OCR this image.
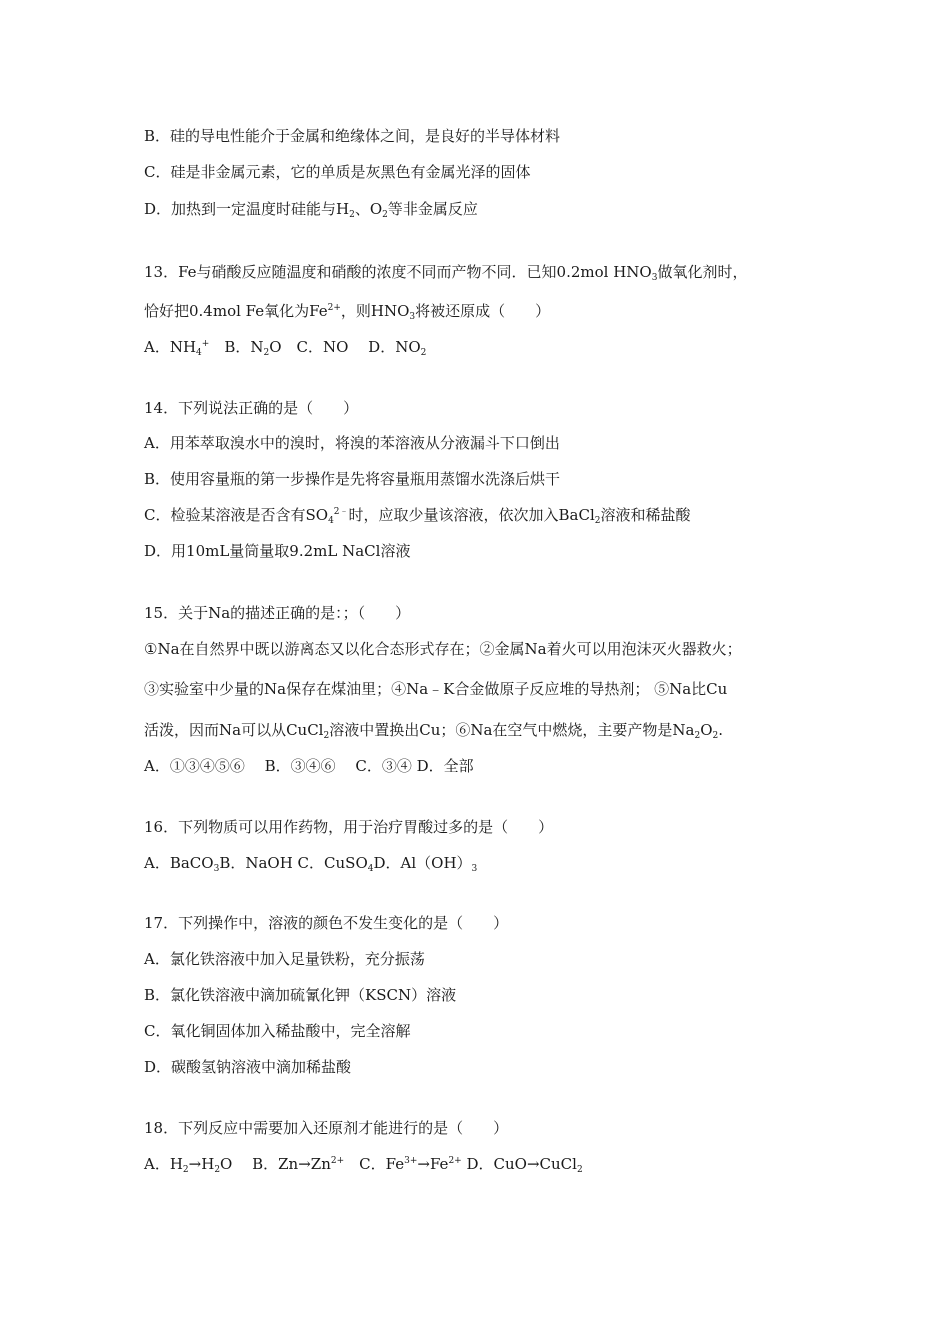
B．硅的导电性能介于金属和绝缘体之间，是良好的半导体材料
C．硅是非金属元素，它的单质是灰黑色有金属光泽的固体
D．加热到一定温度时硅能与$H_2$、$O_2$等非金属反应
13．Fe与硝酸反应随温度和硝酸的浓度不同而产物不同．已知0.2mol $HNO_3$做氧化剂时，
恰好把0.4mol Fe氧化为$Fe^{2+}$，则$HNO_3$将被还原成（　　）
A．$NH_4^+$　B．$N_2O$　C．NO　 D．$NO_2$
14．下列说法正确的是（　　）
A．用苯萃取溴水中的溴时，将溴的苯溶液从分液漏斗下口倒出
B．使用容量瓶的第一步操作是先将容量瓶用蒸馏水洗涤后烘干
C．检验某溶液是否含有$SO_4^{2﹣}$时，应取少量该溶液，依次加入BaCl$_2$溶液和稀盐酸
D．用10mL量筒量取9.2mL NaCl溶液
15．关于Na的描述正确的是：；（　　）
①Na在自然界中既以游离态又以化合态形式存在；②金属Na着火可以用泡沫灭火器救火；
③实验室中少量的Na保存在煤油里；④Na﹣K合金做原子反应堆的导热剂； ⑤Na比Cu
活泼，因而Na可以从CuCl$_2$溶液中置换出Cu；⑥Na在空气中燃烧，主要产物是$Na_2O_2$.
A．①③④⑤⑥　 B．③④⑥　 C．③④ D．全部
16．下列物质可以用作药物，用于治疗胃酸过多的是（　　）
A．BaCO$_3$B．NaOH C．CuSO$_4$D．$Al(OH)_3$
17．下列操作中，溶液的颜色不发生变化的是（　　）
A．氯化铁溶液中加入足量铁粉，充分振荡
B．氯化铁溶液中滴加硫氰化钾（KSCN）溶液
C．氧化铜固体加入稀盐酸中，完全溶解
D．碳酸氢钠溶液中滴加稀盐酸
18．下列反应中需要加入还原剂才能进行的是（　　）
A．$H_2\to H_2O$　 B．$Zn\to Zn^{2+}$　C．$Fe^{3+}\to Fe^{2+}$ D．CuO→CuCl$_2$
